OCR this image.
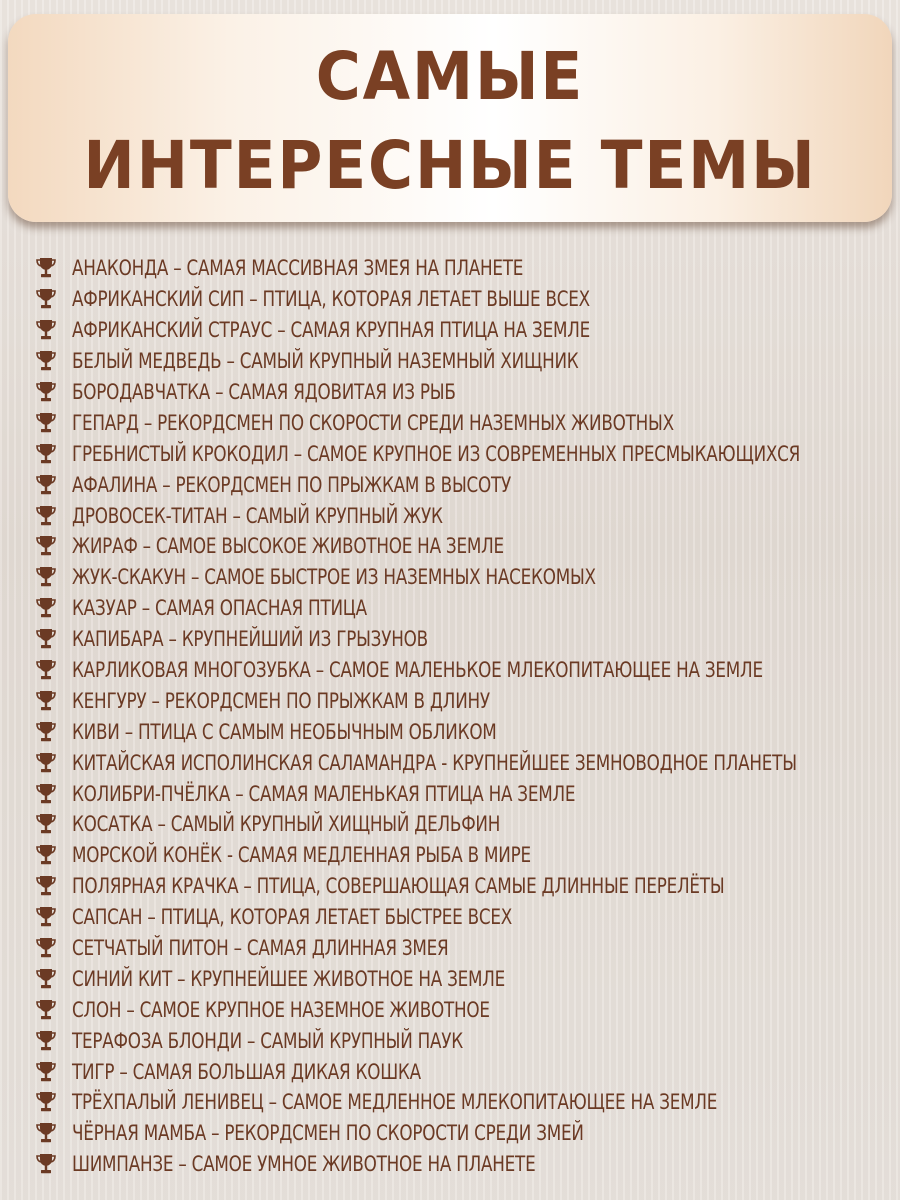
САМЫЕ
ИНТЕРЕСНЫЕ ТЕМЫ
АНАКОНДА – САМАЯ МАССИВНАЯ ЗМЕЯ НА ПЛАНЕТЕ
АФРИКАНСКИЙ СИП – ПТИЦА, КОТОРАЯ ЛЕТАЕТ ВЫШЕ ВСЕХ
АФРИКАНСКИЙ СТРАУС – САМАЯ КРУПНАЯ ПТИЦА НА ЗЕМЛЕ
БЕЛЫЙ МЕДВЕДЬ – САМЫЙ КРУПНЫЙ НАЗЕМНЫЙ ХИЩНИК
БОРОДАВЧАТКА – САМАЯ ЯДОВИТАЯ ИЗ РЫБ
ГЕПАРД – РЕКОРДСМЕН ПО СКОРОСТИ СРЕДИ НАЗЕМНЫХ ЖИВОТНЫХ
ГРЕБНИСТЫЙ КРОКОДИЛ – САМОЕ КРУПНОЕ ИЗ СОВРЕМЕННЫХ ПРЕСМЫКАЮЩИХСЯ
АФАЛИНА – РЕКОРДСМЕН ПО ПРЫЖКАМ В ВЫСОТУ
ДРОВОСЕК-ТИТАН – САМЫЙ КРУПНЫЙ ЖУК
ЖИРАФ – САМОЕ ВЫСОКОЕ ЖИВОТНОЕ НА ЗЕМЛЕ
ЖУК-СКАКУН – САМОЕ БЫСТРОЕ ИЗ НАЗЕМНЫХ НАСЕКОМЫХ
КАЗУАР – САМАЯ ОПАСНАЯ ПТИЦА
КАПИБАРА – КРУПНЕЙШИЙ ИЗ ГРЫЗУНОВ
КАРЛИКОВАЯ МНОГОЗУБКА – САМОЕ МАЛЕНЬКОЕ МЛЕКОПИТАЮЩЕЕ НА ЗЕМЛЕ
КЕНГУРУ – РЕКОРДСМЕН ПО ПРЫЖКАМ В ДЛИНУ
КИВИ – ПТИЦА С САМЫМ НЕОБЫЧНЫМ ОБЛИКОМ
КИТАЙСКАЯ ИСПОЛИНСКАЯ САЛАМАНДРА - КРУПНЕЙШЕЕ ЗЕМНОВОДНОЕ ПЛАНЕТЫ
КОЛИБРИ-ПЧЁЛКА – САМАЯ МАЛЕНЬКАЯ ПТИЦА НА ЗЕМЛЕ
КОСАТКА – САМЫЙ КРУПНЫЙ ХИЩНЫЙ ДЕЛЬФИН
МОРСКОЙ КОНЁК - САМАЯ МЕДЛЕННАЯ РЫБА В МИРЕ
ПОЛЯРНАЯ КРАЧКА – ПТИЦА, СОВЕРШАЮЩАЯ САМЫЕ ДЛИННЫЕ ПЕРЕЛЁТЫ
САПСАН – ПТИЦА, КОТОРАЯ ЛЕТАЕТ БЫСТРЕЕ ВСЕХ
СЕТЧАТЫЙ ПИТОН – САМАЯ ДЛИННАЯ ЗМЕЯ
СИНИЙ КИТ – КРУПНЕЙШЕЕ ЖИВОТНОЕ НА ЗЕМЛЕ
СЛОН – САМОЕ КРУПНОЕ НАЗЕМНОЕ ЖИВОТНОЕ
ТЕРАФОЗА БЛОНДИ – САМЫЙ КРУПНЫЙ ПАУК
ТИГР – САМАЯ БОЛЬШАЯ ДИКАЯ КОШКА
ТРЁХПАЛЫЙ ЛЕНИВЕЦ – САМОЕ МЕДЛЕННОЕ МЛЕКОПИТАЮЩЕЕ НА ЗЕМЛЕ
ЧЁРНАЯ МАМБА – РЕКОРДСМЕН ПО СКОРОСТИ СРЕДИ ЗМЕЙ
ШИМПАНЗЕ – САМОЕ УМНОЕ ЖИВОТНОЕ НА ПЛАНЕТЕ
